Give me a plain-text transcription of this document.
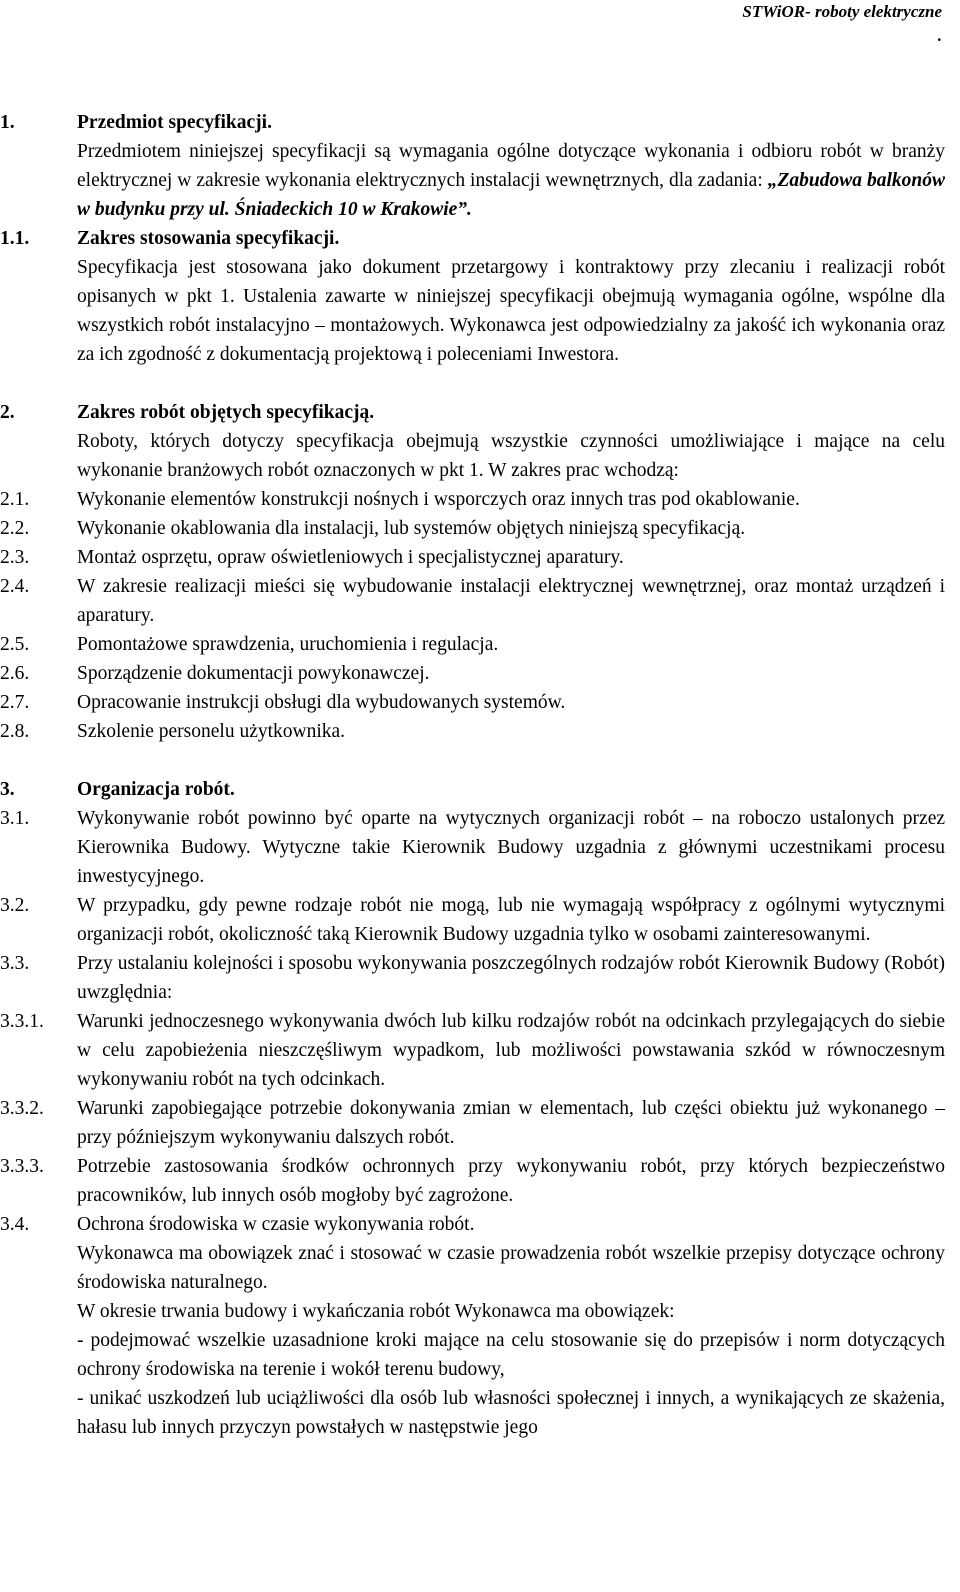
STWiOR- roboty elektryczne

.
1.	Przedmiot specyfikacji.
Przedmiotem niniejszej specyfikacji są wymagania ogólne dotyczące wykonania i odbioru robót w branży elektrycznej w zakresie wykonania elektrycznych instalacji wewnętrznych, dla zadania: „Zabudowa balkonów w budynku przy ul. Śniadeckich 10 w Krakowie”.
1.1.	Zakres stosowania specyfikacji.
Specyfikacja jest stosowana jako dokument przetargowy i kontraktowy przy zlecaniu i realizacji robót opisanych w pkt 1. Ustalenia zawarte w niniejszej specyfikacji obejmują wymagania ogólne, wspólne dla wszystkich robót instalacyjno – montażowych. Wykonawca jest odpowiedzialny za jakość ich wykonania oraz za ich zgodność z dokumentacją projektową i poleceniami Inwestora.
2.	Zakres robót objętych specyfikacją.
Roboty, których dotyczy specyfikacja obejmują wszystkie czynności umożliwiające i mające na celu wykonanie branżowych robót oznaczonych w pkt 1. W zakres prac wchodzą:
2.1.	Wykonanie elementów konstrukcji nośnych i wsporczych oraz innych tras pod okablowanie.
2.2.	Wykonanie okablowania dla instalacji, lub systemów objętych niniejszą specyfikacją.
2.3.	Montaż osprzętu, opraw oświetleniowych i specjalistycznej aparatury.
2.4.	W zakresie realizacji mieści się wybudowanie instalacji elektrycznej wewnętrznej, oraz montaż urządzeń i aparatury.
2.5.	Pomontażowe sprawdzenia, uruchomienia i regulacja.
2.6.	Sporządzenie dokumentacji powykonawczej.
2.7.	Opracowanie instrukcji obsługi dla wybudowanych systemów.
2.8.	Szkolenie personelu użytkownika.
3.	Organizacja robót.
3.1.	Wykonywanie robót powinno być oparte na wytycznych organizacji robót – na roboczo ustalonych przez Kierownika Budowy. Wytyczne takie Kierownik Budowy uzgadnia z głównymi uczestnikami procesu inwestycyjnego.
3.2.	W przypadku, gdy pewne rodzaje robót nie mogą, lub nie wymagają współpracy z ogólnymi wytycznymi organizacji robót, okoliczność taką Kierownik Budowy uzgadnia tylko w osobami zainteresowanymi.
3.3.	Przy ustalaniu kolejności i sposobu wykonywania poszczególnych rodzajów robót Kierownik Budowy (Robót) uwzględnia:
3.3.1.	Warunki jednoczesnego wykonywania dwóch lub kilku rodzajów robót na odcinkach przylegających do siebie w celu zapobieżenia nieszczęśliwym wypadkom, lub możliwości powstawania szkód w równoczesnym wykonywaniu robót na tych odcinkach.
3.3.2.	Warunki zapobiegające potrzebie dokonywania zmian w elementach, lub części obiektu już wykonanego – przy późniejszym wykonywaniu dalszych robót.
3.3.3.	Potrzebie zastosowania środków ochronnych przy wykonywaniu robót, przy których bezpieczeństwo pracowników, lub innych osób mogłoby być zagrożone.
3.4.	Ochrona środowiska w czasie wykonywania robót.
Wykonawca ma obowiązek znać i stosować w czasie prowadzenia robót wszelkie przepisy dotyczące ochrony środowiska naturalnego.
W okresie trwania budowy i wykańczania robót Wykonawca ma obowiązek:
- podejmować wszelkie uzasadnione kroki mające na celu stosowanie się do przepisów i norm dotyczących ochrony środowiska na terenie i wokół terenu budowy,
- unikać uszkodzeń lub uciążliwości dla osób lub własności społecznej i innych, a wynikających ze skażenia, hałasu lub innych przyczyn powstałych w następstwie jego
